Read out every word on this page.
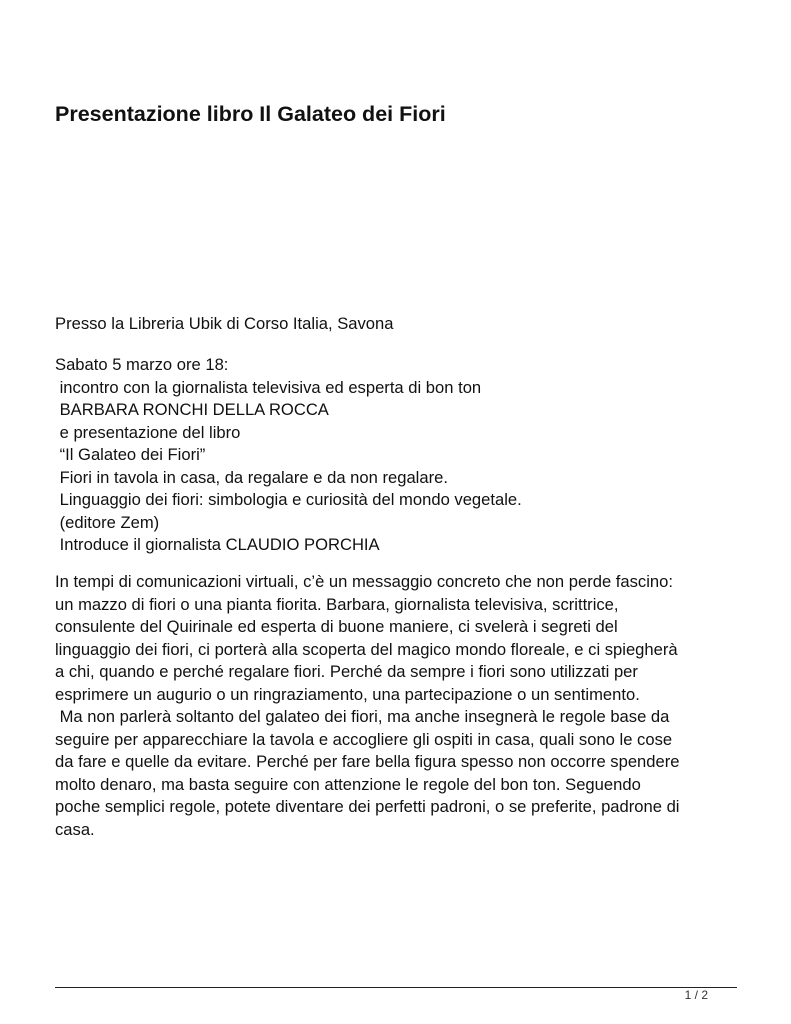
Presentazione libro Il Galateo dei Fiori
Presso la Libreria Ubik di Corso Italia, Savona
Sabato 5 marzo ore 18:
incontro con la giornalista televisiva ed esperta di bon ton
BARBARA RONCHI DELLA ROCCA
e presentazione del libro
“Il Galateo dei Fiori”
Fiori in tavola in casa, da regalare e da non regalare.
Linguaggio dei fiori: simbologia e curiosità del mondo vegetale.
(editore Zem)
Introduce il giornalista CLAUDIO PORCHIA
In tempi di comunicazioni virtuali, c’è un messaggio concreto che non perde fascino:
un mazzo di fiori o una pianta fiorita. Barbara, giornalista televisiva, scrittrice,
consulente del Quirinale ed esperta di buone maniere, ci svelerà i segreti del
linguaggio dei fiori, ci porterà alla scoperta del magico mondo floreale, e ci spiegherà
a chi, quando e perché regalare fiori. Perché da sempre i fiori sono utilizzati per
esprimere un augurio o un ringraziamento, una partecipazione o un sentimento.
Ma non parlerà soltanto del galateo dei fiori, ma anche insegnerà le regole base da
seguire per apparecchiare la tavola e accogliere gli ospiti in casa, quali sono le cose
da fare e quelle da evitare. Perché per fare bella figura spesso non occorre spendere
molto denaro, ma basta seguire con attenzione le regole del bon ton. Seguendo
poche semplici regole, potete diventare dei perfetti padroni, o se preferite, padrone di
casa.
1 / 2
